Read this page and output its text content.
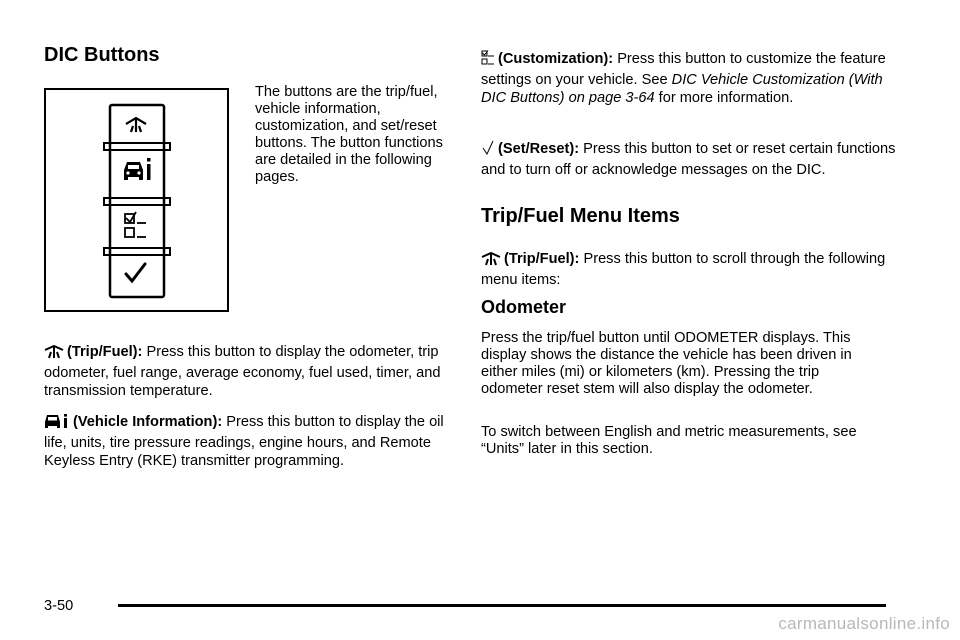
DIC Buttons

The buttons are the trip/fuel, vehicle information, customization, and set/reset buttons. The button functions are detailed in the following pages.

(Trip/Fuel): Press this button to display the odometer, trip odometer, fuel range, average economy, fuel used, timer, and transmission temperature.

(Vehicle Information): Press this button to display the oil life, units, tire pressure readings, engine hours, and Remote Keyless Entry (RKE) transmitter programming.

(Customization): Press this button to customize the feature settings on your vehicle. See DIC Vehicle Customization (With DIC Buttons) on page 3-64 for more information.

(Set/Reset): Press this button to set or reset certain functions and to turn off or acknowledge messages on the DIC.

Trip/Fuel Menu Items

(Trip/Fuel): Press this button to scroll through the following menu items:

Odometer

Press the trip/fuel button until ODOMETER displays. This display shows the distance the vehicle has been driven in either miles (mi) or kilometers (km). Pressing the trip odometer reset stem will also display the odometer.

To switch between English and metric measurements, see “Units” later in this section.

3-50
carmanualsonline.info
